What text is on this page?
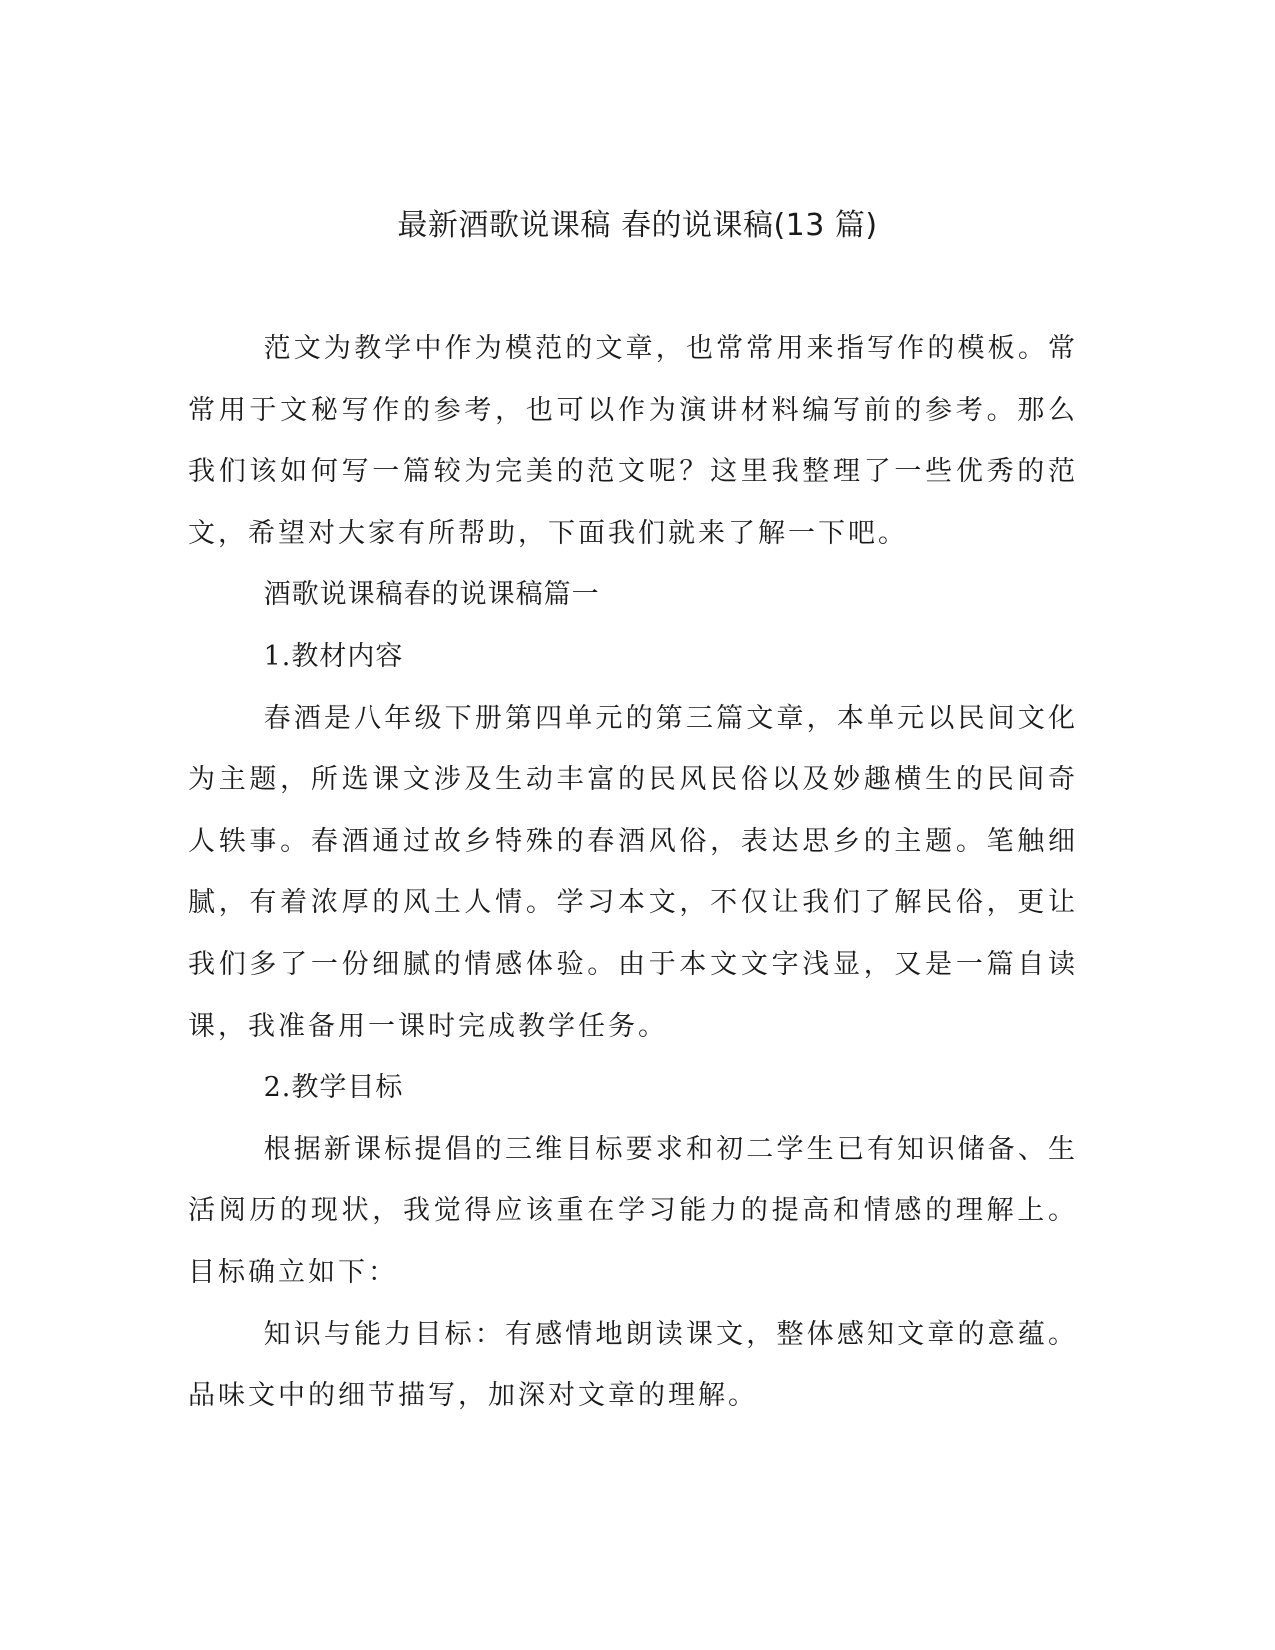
最新酒歌说课稿 春的说课稿(13 篇)

范文为教学中作为模范的文章，也常常用来指写作的模板。常常用于文秘写作的参考，也可以作为演讲材料编写前的参考。那么我们该如何写一篇较为完美的范文呢？这里我整理了一些优秀的范文，希望对大家有所帮助，下面我们就来了解一下吧。

酒歌说课稿春的说课稿篇一

1.教材内容

春酒是八年级下册第四单元的第三篇文章，本单元以民间文化为主题，所选课文涉及生动丰富的民风民俗以及妙趣横生的民间奇人轶事。春酒通过故乡特殊的春酒风俗，表达思乡的主题。笔触细腻，有着浓厚的风土人情。学习本文，不仅让我们了解民俗，更让我们多了一份细腻的情感体验。由于本文文字浅显，又是一篇自读课，我准备用一课时完成教学任务。

2.教学目标

根据新课标提倡的三维目标要求和初二学生已有知识储备、生活阅历的现状，我觉得应该重在学习能力的提高和情感的理解上。目标确立如下：

知识与能力目标：有感情地朗读课文，整体感知文章的意蕴。品味文中的细节描写，加深对文章的理解。
